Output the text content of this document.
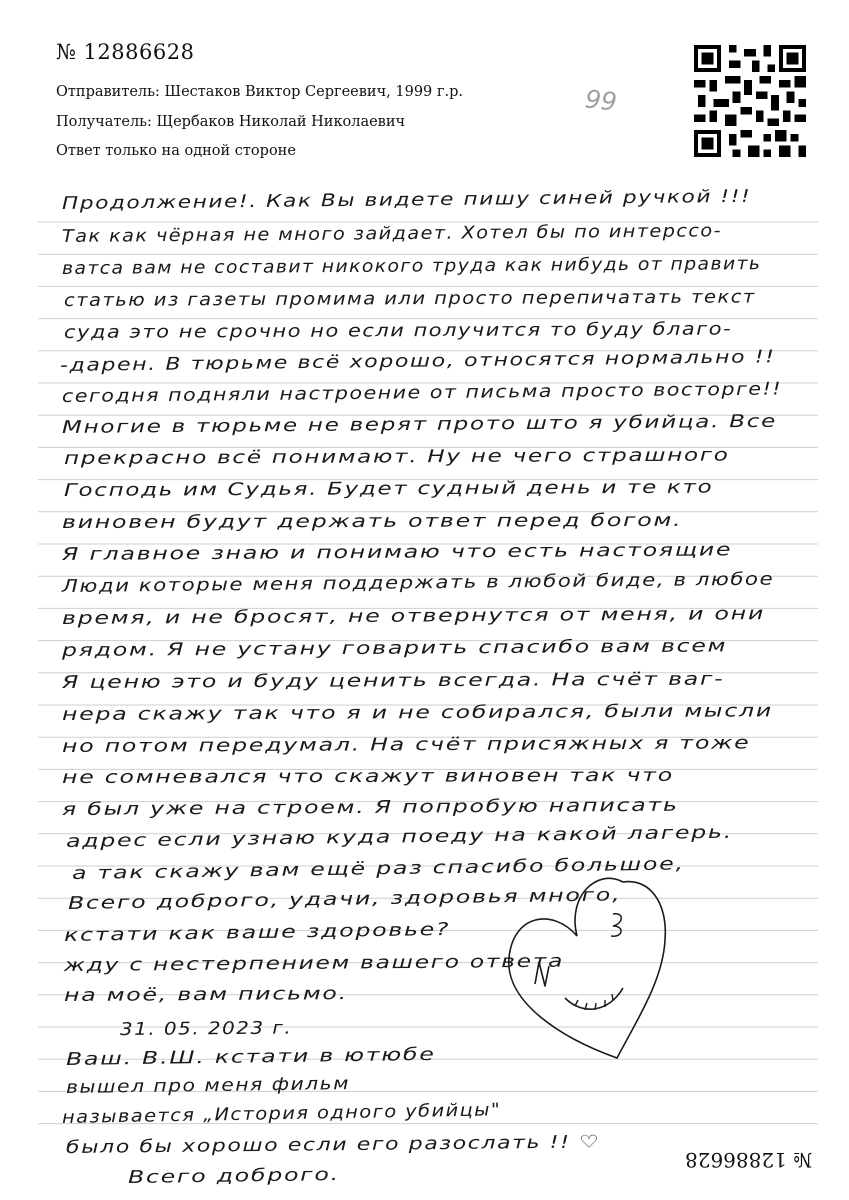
№ 12886628
Отправитель: Шестаков Виктор Сергеевич, 1999 г.р.
Получатель: Щербаков Николай Николаевич
Ответ только на одной стороне
99
Продолжение!. Как Вы видете пишу синей ручкой !!!
Так как чёрная не много зайдает. Хотел бы по интерссо-
ватса вам не составит никокого труда как нибудь от править
статью из газеты промима или просто перепичатать текст
суда это не срочно но если получится то буду благо-
-дарен. В тюрьме всё хорошо, относятся нормально !!
сегодня подняли настроение от письма просто восторге!!
Многие в тюрьме не верят прото што я убийца. Все
прекрасно всё понимают. Ну не чего страшного
Господь им Судья. Будет судный день и те кто
виновен будут держать ответ перед богом.
Я главное знаю и понимаю что есть настоящие
Люди которые меня поддержать в любой биде, в любое
время, и не бросят, не отвернутся от меня, и они
рядом. Я не устану говарить спасибо вам всем
Я ценю это и буду ценить всегда. На счёт ваг-
нера скажу так что я и не собирался, были мысли
но потом передумал. На счёт присяжных я тоже
не сомневался что скажут виновен так что
я был уже на строем. Я попробую написать
адрес если узнаю куда поеду на какой лагерь.
а так скажу вам ещё раз спасибо большое,
Всего доброго, удачи, здоровья много,
кстати как ваше здоровье?
жду с нестерпением вашего ответа
на моё, вам письмо.
31. 05. 2023 г.
Ваш. В.Ш. кстати в ютюбе
вышел про меня фильм
называется „История одного убийцы"
было бы хорошо если его разослать !! ♡
Всего доброго.
№ 12886628
